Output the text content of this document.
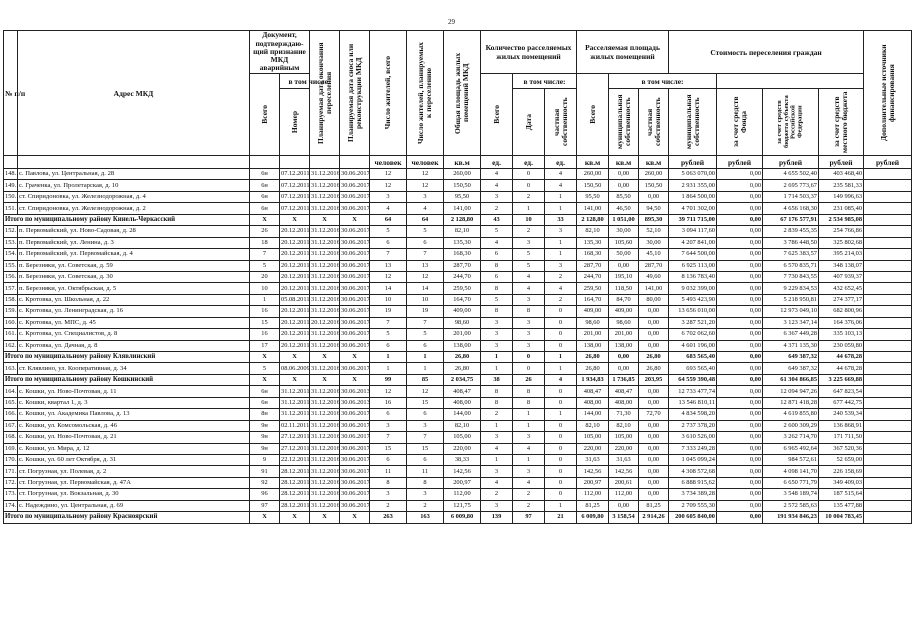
29
№ п/п	Адрес МКД	Документ, подтверждаю-щий признание МКД аварийным		Планируемая дата окончания переселения	Планируемая дата сноса или реконструкции МКД	Число жителей, всего	Число жителей, планируемых к переселению	Общая площадь жилых помещений МКД	Количество расселяемых жилых помещений			Расселяемая площадь жилых помещений			Стоимость переселения граждан				Дополнительные источники финансирования

		Всего	в том числе:						Всего	в том числе:		Всего	в том числе:						

			Номер							Дата	частная собственность		муниципальная собственность	частная собственность	муниципальная собственность	за счет средств Фонда	за счет средств бюджета субъекта Российской Федерации	за счет средств местного бюджета	

						человек	человек	кв.м	ед.	ед.	ед.	кв.м	кв.м	кв.м	рублей	рублей	рублей	рублей	рублей
148.	с. Павлова, ул. Центральная, д. 28	6н	07.12.2011	31.12.2016	30.06.2017	12	12	260,00	4	0	4	260,00	0,00	260,00	5 063 070,00	0,00	4 655 502,40	403 468,40	
149.	с. Граченка, ул. Пролетарская, д. 10	6н	07.12.2011	31.12.2016	30.06.2017	12	12	150,50	4	0	4	150,50	0,00	150,50	2 931 355,00	0,00	2 695 773,67	235 581,33	
150.	ст. Спиридоновка, ул. Железнодорожная, д. 4	6н	07.12.2011	31.12.2016	30.06.2017	3	3	95,50	3	2	1	95,50	85,50	0,00	1 864 500,00	0,00	1 714 503,37	149 996,63	
151.	ст. Спиридоновка, ул. Железнодорожная, д. 2	6н	07.12.2011	31.12.2016	30.06.2017	4	4	141,00	2	1	1	141,00	46,50	94,50	4 701 302,00	0,00	4 656 168,30	231 085,40	
Итого по муниципальному району Кинель-Черкасский		X	X	X	X	64	64	2 128,80	43	10	33	2 128,80	1 051,00	895,30	39 711 715,00	0,00	67 176 577,91	2 534 985,08	
152.	п. Первомайский, ул. Ново-Садовая, д. 28	26	20.12.2011	31.12.2016	30.06.2017	5	5	82,10	5	2	3	82,10	30,00	52,10	3 094 117,60	0,00	2 839 455,35	254 766,86	
153.	п. Первомайский, ул. Ленина, д. 3	18	20.12.2011	31.12.2016	30.06.2017	6	6	135,30	4	3	1	135,30	105,60	30,00	4 207 841,00	0,00	3 786 448,50	325 802,68	
154.	п. Первомайский, ул. Первомайская, д. 4	7	20.12.2011	31.12.2016	30.06.2017	7	7	168,30	6	5	1	168,30	50,00	45,10	7 644 500,00	0,00	7 625 383,57	395 214,03	
155.	п. Березняки, ул. Советская, д. 59	5	20.12.2011	31.12.2016	30.06.2017	13	13	287,70	8	5	3	287,70	0,00	287,70	6 925 113,00	0,00	6 570 835,71	348 138,07	
156.	п. Березняки, ул. Советская, д. 30	20	20.12.2011	31.12.2016	30.06.2017	12	12	244,70	6	4	2	244,70	195,10	49,60	8 136 783,40	0,00	7 730 843,55	407 939,37	
157.	п. Березняки, ул. Октябрьская, д. 5	10	20.12.2011	31.12.2016	30.06.2017	14	14	259,50	8	4	4	259,50	118,50	141,00	9 032 399,00	0,00	9 229 834,53	432 652,45	
158.	с. Кротовка, ул. Школьная, д. 22	1	05.08.2011	31.12.2016	30.06.2017	10	10	164,70	5	3	2	164,70	84,70	80,00	5 493 423,90	0,00	5 218 950,81	274 377,17	
159.	с. Кротовка, ул. Ленинградская, д. 16	16	20.12.2011	31.12.2016	30.06.2017	19	19	409,00	8	8	0	409,00	409,00	0,00	13 656 010,00	0,00	12 973 049,10	682 800,96	
160.	с. Кротовка, ул. МПС, д. 45	15	20.12.2011	20.12.2016	30.06.2017	7	7	98,60	3	3	0	98,60	98,60	0,00	3 287 521,20	0,00	3 123 347,14	164 376,06	
161.	с. Кротовка, ул. Специалистов, д. 8	16	20.12.2011	31.12.2016	30.06.2017	5	5	201,00	3	3	0	201,00	201,00	0,00	6 702 062,60	0,00	6 367 449,28	335 103,13	
162.	с. Кротовка, ул. Дачная, д. 8	17	20.12.2011	31.12.2016	30.06.2017	6	6	138,00	3	3	0	138,00	138,00	0,00	4 601 196,00	0,00	4 371 135,30	230 059,80	
Итого по муниципальному району Клявлинский		X	X	X	X	1	1	26,80	1	0	1	26,80	0,00	26,80	683 565,40	0,00	649 387,32	44 678,28	
163.	ст. Клявлино, ул. Кооперативная, д. 34	5	08.06.2009	31.12.2016	30.06.2017	1	1	26,80	1	0	1	26,80	0,00	26,80	693 565,40	0,00	649 387,32	44 678,28	
Итого по муниципальному району Кошкинский		X	X	X	X	99	85	2 034,75	38	26	4	1 934,83	1 736,85	203,95	64 559 390,48	0,00	61 304 866,85	3 225 669,88	
164.	с. Кошки, ул. Ново-Почтовая, д. 11	6н	31.12.2011	31.12.2016	30.06.2013	12	12	408,47	8	8	0	408,47	408,47	0,00	12 733 477,74	0,00	12 094 947,26	647 823,54	
165.	с. Кошки, квартал 1, д. 3	6н	31.12.2011	31.12.2016	30.06.2013	16	15	408,00	8	8	0	408,00	408,00	0,00	13 546 810,11	0,00	12 871 418,28	677 442,75	
166.	с. Кошки, ул. Академика Павлова, д. 13	8н	31.12.2011	31.12.2016	30.06.2017	6	6	144,00	2	1	1	144,00	71,30	72,70	4 834 598,20	0,00	4 619 855,80	240 539,34	
167.	с. Кошки, ул. Комсомольская, д. 46	9н	02.11.2011	31.12.2016	30.06.2017	3	3	82,10	1	1	0	82,10	82,10	0,00	2 737 378,20	0,00	2 600 309,29	136 868,91	
168.	с. Кошки, ул. Ново-Почтовая, д. 21	9н	27.12.2011	31.12.2016	30.06.2017	7	7	105,00	3	3	0	105,00	105,00	0,00	3 610 526,00	0,00	3 262 714,70	171 711,50	
169.	с. Кошки, ул. Мира, д. 12	9н	27.12.2011	31.12.2016	30.06.2017	15	15	220,00	4	4	0	220,00	220,00	0,00	7 333 249,28	0,00	6 965 492,64	367 520,36	
170.	с. Кошки, ул. 60 лет Октября, д. 31	9	22.12.2011	31.12.2016	30.06.2017	6	6	38,33	1	1	0	31,63	31,63	0,00	1 045 099,24	0,00	984 572,61	52 659,00	
171.	ст. Погрузная, ул. Полевая, д. 2	91	28.12.2011	31.12.2016	30.06.2017	11	11	142,56	3	3	0	142,56	142,56	0,00	4 308 572,68	0,00	4 098 141,70	226 158,69	
172.	ст. Погрузная, ул. Первомайская, д. 47А	92	28.12.2011	31.12.2016	30.06.2017	8	8	200,97	4	4	0	200,97	200,61	0,00	6 888 915,62	0,00	6 650 771,79	349 409,03	
173.	ст. Погрузная, ул. Вокзальная, д. 30	96	28.12.2011	31.12.2016	30.06.2017	3	3	112,00	2	2	0	112,00	112,00	0,00	3 734 389,28	0,00	3 548 189,74	187 515,64	
174.	с. Надеждино, ул. Центральная, д. 69	97	28.12.2011	31.12.2016	30.06.2017	2	2	121,75	3	2	1	81,25	0,00	81,25	2 709 555,30	0,00	2 572 585,63	135 477,88	
Итого по муниципальному району Красноярский		X	X	X	X	263	163	6 009,80	139	97	21	6 009,80	3 158,54	2 914,26	200 605 840,00	0,00	191 934 846,23	10 004 783,45	
